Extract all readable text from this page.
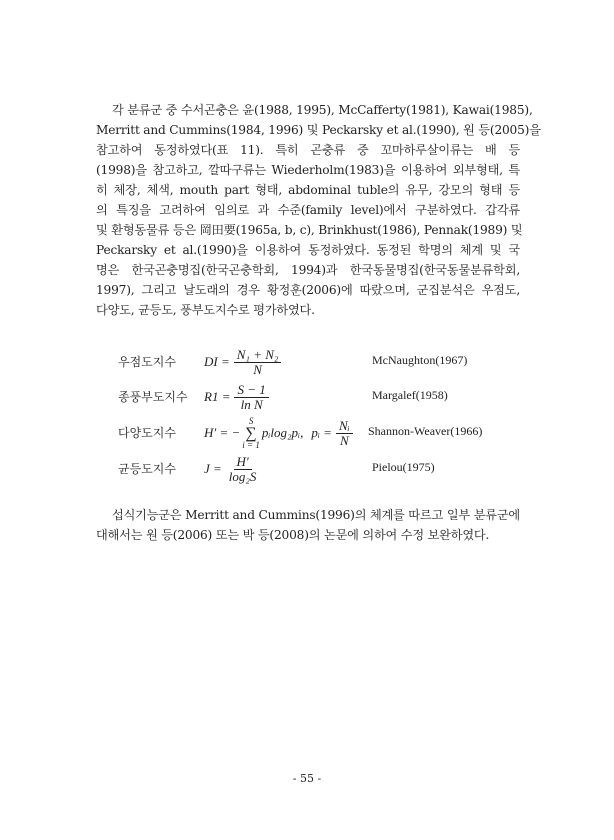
각 분류군 중 수서곤충은 윤(1988, 1995), McCafferty(1981), Kawai(1985),
Merritt and Cummins(1984, 1996) 및 Peckarsky et al.(1990), 원 등(2005)을
참고하여 동정하였다(표 11). 특히 곤충류 중 꼬마하루살이류는 배 등
(1998)을 참고하고, 깔따구류는 Wiederholm(1983)을 이용하여 외부형태, 특
히 체장, 체색, mouth part 형태, abdominal tuble의 유무, 강모의 형태 등
의 특징을 고려하여 임의로 과 수준(family level)에서 구분하였다. 갑각류
및 환형동물류 등은 岡田要(1965a, b, c), Brinkhust(1986), Pennak(1989) 및
Peckarsky et al.(1990)을 이용하여 동정하였다. 동정된 학명의 체계 및 국
명은 한국곤충명집(한국곤충학회, 1994)과 한국동물명집(한국동물분류학회,
1997), 그리고 날도래의 경우 황정훈(2006)에 따랐으며, 군집분석은 우점도,
다양도, 균등도, 풍부도지수로 평가하였다.
우점도지수 DI = $\frac{\text{N₁ + N₂}}{N}$	McNaughton(1967)
종풍부도지수 $R1 = \frac{S - 1}{\text{ln N}}$	Margalef(1958)
다양도지수 H′ = −
S
∑
i = 1
pᵢlog₂pᵢ, pᵢ = $\frac{\text{Nᵢ}}{N}$ Shannon-Weaver(1966)
균등도지수 $J = \frac{H'}{\text{log₂S}}$	Pielou(1975)
섭식기능군은 Merritt and Cummins(1996)의 체계를 따르고 일부 분류군에
대해서는 원 등(2006) 또는 박 등(2008)의 논문에 의하여 수정 보완하였다.
- 55 -
